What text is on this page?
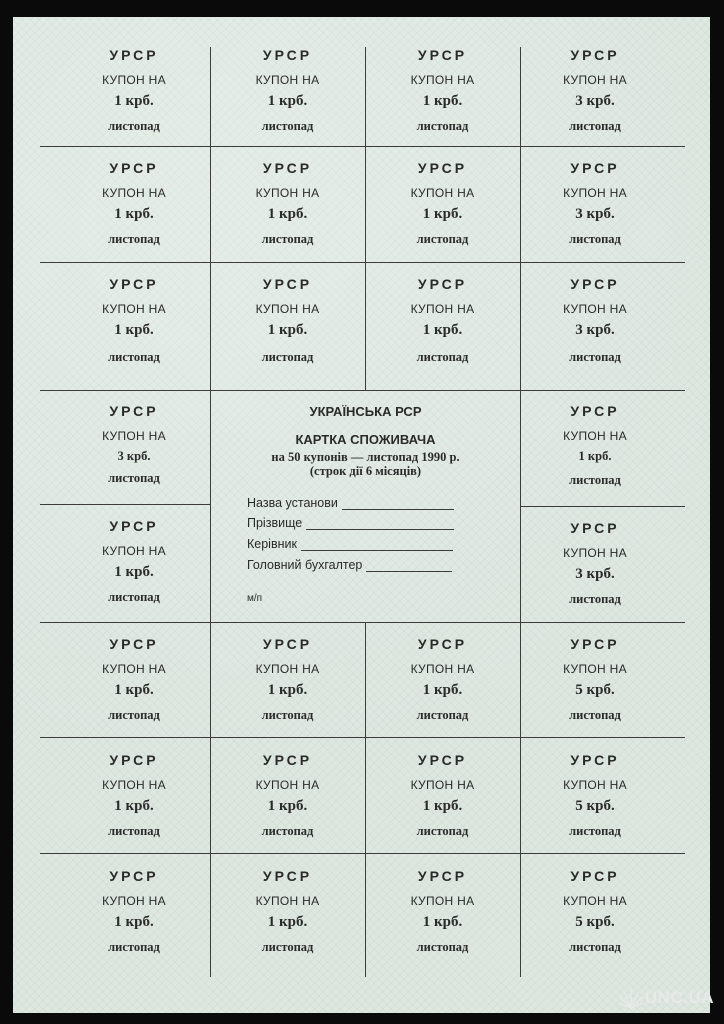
УРСР
КУПОН НА
1 крб.
листопад
УРСР
КУПОН НА
1 крб.
листопад
УРСР
КУПОН НА
1 крб.
листопад
УРСР
КУПОН НА
3 крб.
листопад
УРСР
КУПОН НА
1 крб.
листопад
УРСР
КУПОН НА
1 крб.
листопад
УРСР
КУПОН НА
1 крб.
листопад
УРСР
КУПОН НА
3 крб.
листопад
УРСР
КУПОН НА
1 крб.
листопад
УРСР
КУПОН НА
1 крб.
листопад
УРСР
КУПОН НА
1 крб.
листопад
УРСР
КУПОН НА
3 крб.
листопад
УРСР
КУПОН НА
3 крб.
листопад
УРСР
КУПОН НА
1 крб.
листопад
УРСР
КУПОН НА
1 крб.
листопад
УРСР
КУПОН НА
3 крб.
листопад
УКРАЇНСЬКА РСР
КАРТКА СПОЖИВАЧА
на 50 купонів — листопад 1990 р.
(строк дії 6 місяців)
Назва установи
Прізвище
Керівник
Головний бухгалтер
м/п
УРСР
КУПОН НА
1 крб.
листопад
УРСР
КУПОН НА
1 крб.
листопад
УРСР
КУПОН НА
1 крб.
листопад
УРСР
КУПОН НА
5 крб.
листопад
УРСР
КУПОН НА
1 крб.
листопад
УРСР
КУПОН НА
1 крб.
листопад
УРСР
КУПОН НА
1 крб.
листопад
УРСР
КУПОН НА
5 крб.
листопад
УРСР
КУПОН НА
1 крб.
листопад
УРСР
КУПОН НА
1 крб.
листопад
УРСР
КУПОН НА
1 крб.
листопад
УРСР
КУПОН НА
5 крб.
листопад
UNC.UA
